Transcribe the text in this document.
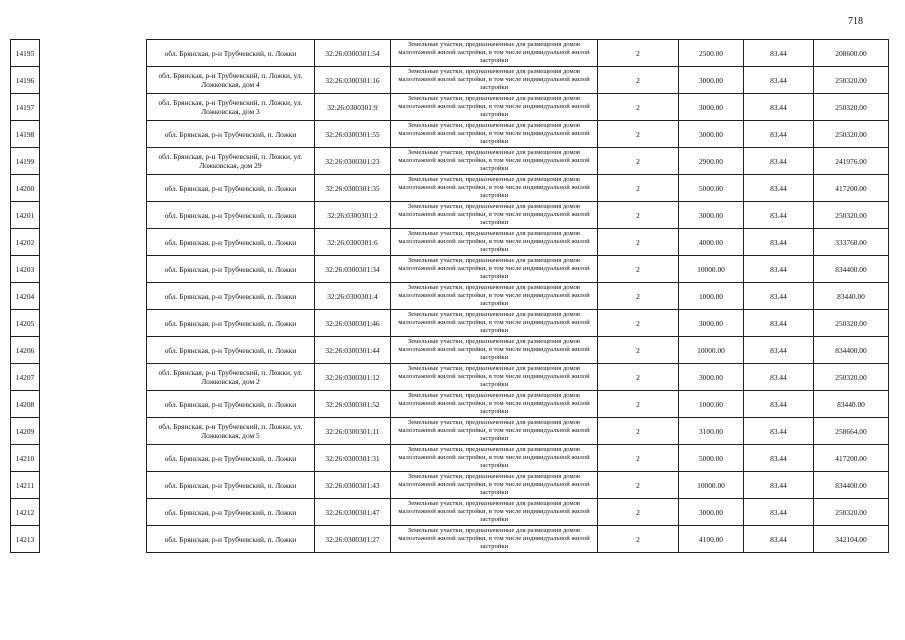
718
14195		обл. Брянская, р-н Трубчевский, п. Ложки	32:26:0300301:54	Земельные участки, предназначенные для размещения домов малоэтажной жилой застройки, в том числе индивидуальной жилой застройки	2	2500.00	83.44	208600.00
14196		обл. Брянская, р-н Трубчевский, п. Ложки, ул. Ложковская, дом 4	32:26:0300301:16	Земельные участки, предназначенные для размещения домов малоэтажной жилой застройки, в том числе индивидуальной жилой застройки	2	3000.00	83.44	250320.00
14197		обл. Брянская, р-н Трубчевский, п. Ложки, ул. Ложковская, дом 3	32:26:0300301:9	Земельные участки, предназначенные для размещения домов малоэтажной жилой застройки, в том числе индивидуальной жилой застройки	2	3000.00	83.44	250320.00
14198		обл. Брянская, р-н Трубчевский, п. Ложки	32:26:0300301:55	Земельные участки, предназначенные для размещения домов малоэтажной жилой застройки, в том числе индивидуальной жилой застройки	2	3000.00	83.44	250320.00
14199		обл. Брянская, р-н Трубчевский, п. Ложки, ул. Ложковская, дом 29	32:26:0300301:23	Земельные участки, предназначенные для размещения домов малоэтажной жилой застройки, в том числе индивидуальной жилой застройки	2	2900.00	83.44	241976.00
14200		обл. Брянская, р-н Трубчевский, п. Ложки	32:26:0300301:35	Земельные участки, предназначенные для размещения домов малоэтажной жилой застройки, в том числе индивидуальной жилой застройки	2	5000.00	83.44	417200.00
14201		обл. Брянская, р-н Трубчевский, п. Ложки	32:26:0300301:2	Земельные участки, предназначенные для размещения домов малоэтажной жилой застройки, в том числе индивидуальной жилой застройки	2	3000.00	83.44	250320.00
14202		обл. Брянская, р-н Трубчевский, п. Ложки	32:26:0300301:6	Земельные участки, предназначенные для размещения домов малоэтажной жилой застройки, в том числе индивидуальной жилой застройки	2	4000.00	83.44	333760.00
14203		обл. Брянская, р-н Трубчевский, п. Ложки	32:26:0300301:34	Земельные участки, предназначенные для размещения домов малоэтажной жилой застройки, в том числе индивидуальной жилой застройки	2	10000.00	83.44	834400.00
14204		обл. Брянская, р-н Трубчевский, п. Ложки	32:26:0300301:4	Земельные участки, предназначенные для размещения домов малоэтажной жилой застройки, в том числе индивидуальной жилой застройки	2	1000.00	83.44	83440.00
14205		обл. Брянская, р-н Трубчевский, п. Ложки	32:26:0300301:46	Земельные участки, предназначенные для размещения домов малоэтажной жилой застройки, в том числе индивидуальной жилой застройки	2	3000.00	83.44	250320.00
14206		обл. Брянская, р-н Трубчевский, п. Ложки	32:26:0300301:44	Земельные участки, предназначенные для размещения домов малоэтажной жилой застройки, в том числе индивидуальной жилой застройки	2	10000.00	83.44	834400.00
14207		обл. Брянская, р-н Трубчевский, п. Ложки, ул. Ложковская, дом 2	32:26:0300301:12	Земельные участки, предназначенные для размещения домов малоэтажной жилой застройки, в том числе индивидуальной жилой застройки	2	3000.00	83.44	250320.00
14208		обл. Брянская, р-н Трубчевский, п. Ложки	32:26:0300301:52	Земельные участки, предназначенные для размещения домов малоэтажной жилой застройки, в том числе индивидуальной жилой застройки	2	1000.00	83.44	83440.00
14209		обл. Брянская, р-н Трубчевский, п. Ложки, ул. Ложковская, дом 5	32:26:0300301:11	Земельные участки, предназначенные для размещения домов малоэтажной жилой застройки, в том числе индивидуальной жилой застройки	2	3100.00	83.44	258664.00
14210		обл. Брянская, р-н Трубчевский, п. Ложки	32:26:0300301:31	Земельные участки, предназначенные для размещения домов малоэтажной жилой застройки, в том числе индивидуальной жилой застройки	2	5000.00	83.44	417200.00
14211		обл. Брянская, р-н Трубчевский, п. Ложки	32:26:0300301:43	Земельные участки, предназначенные для размещения домов малоэтажной жилой застройки, в том числе индивидуальной жилой застройки	2	10000.00	83.44	834400.00
14212		обл. Брянская, р-н Трубчевский, п. Ложки	32:26:0300301:47	Земельные участки, предназначенные для размещения домов малоэтажной жилой застройки, в том числе индивидуальной жилой застройки	2	3000.00	83.44	250320.00
14213		обл. Брянская, р-н Трубчевский, п. Ложки	32:26:0300301:27	Земельные участки, предназначенные для размещения домов малоэтажной жилой застройки, в том числе индивидуальной жилой застройки	2	4100.00	83.44	342104.00
